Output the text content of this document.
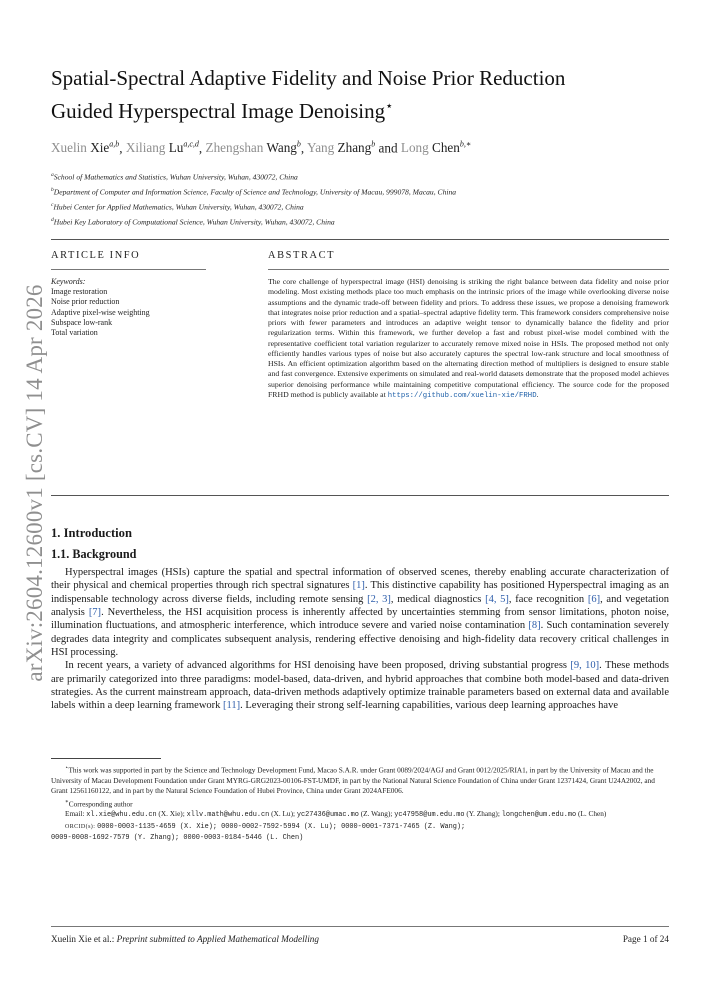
arXiv:2604.12600v1 [cs.CV] 14 Apr 2026
Spatial-Spectral Adaptive Fidelity and Noise Prior Reduction
Guided Hyperspectral Image Denoising⋆
Xuelin Xie$^{a,b}$, Xiliang Lu$^{a,c,d}$, Zhengshan Wang$^b$, Yang Zhang$^b$ and Long Chen$^{b,∗}$
$^a$School of Mathematics and Statistics, Wuhan University, Wuhan, 430072, China
$^b$Department of Computer and Information Science, Faculty of Science and Technology, University of Macau, 999078, Macau, China
$^c$Hubei Center for Applied Mathematics, Wuhan University, Wuhan, 430072, China
$^d$Hubei Key Laboratory of Computational Science, Wuhan University, Wuhan, 430072, China
ARTICLE INFO	ABSTRACT
Keywords:
Image restoration
Noise prior reduction
Adaptive pixel-wise weighting
Subspace low-rank
Total variation
The core challenge of hyperspectral image (HSI) denoising is striking the right balance between data fidelity and noise prior modeling. Most existing methods place too much emphasis on the intrinsic priors of the image while overlooking diverse noise assumptions and the dynamic trade-off between fidelity and priors. To address these issues, we propose a denoising framework that integrates noise prior reduction and a spatial–spectral adaptive fidelity term. This framework considers comprehensive noise priors with fewer parameters and introduces an adaptive weight tensor to dynamically balance the fidelity and prior regularization terms. Within this framework, we further develop a fast and robust pixel-wise model combined with the representative coefficient total variation regularizer to accurately remove mixed noise in HSIs. The proposed method not only efficiently handles various types of noise but also accurately captures the spectral low-rank structure and local smoothness of HSIs. An efficient optimization algorithm based on the alternating direction method of multipliers is designed to ensure stable and fast convergence. Extensive experiments on simulated and real-world datasets demonstrate that the proposed model achieves superior denoising performance while maintaining competitive computational efficiency. The source code for the proposed FRHD method is publicly available at https://github.com/xuelin-xie/FRHD.
1. Introduction
1.1. Background

Hyperspectral images (HSIs) capture the spatial and spectral information of observed scenes, thereby enabling accurate characterization of their physical and chemical properties through rich spectral signatures [1]. This distinctive capability has positioned Hyperspectral imaging as an indispensable technology across diverse fields, including remote sensing [2, 3], medical diagnostics [4, 5], face recognition [6], and vegetation analysis [7]. Nevertheless, the HSI acquisition process is inherently affected by uncertainties stemming from sensor limitations, photon noise, illumination fluctuations, and atmospheric interference, which introduce severe and varied noise contamination [8]. Such contamination severely degrades data integrity and complicates subsequent analysis, rendering effective denoising and high-fidelity data recovery critical challenges in HSI processing.

In recent years, a variety of advanced algorithms for HSI denoising have been proposed, driving substantial progress [9, 10]. These methods are primarily categorized into three paradigms: model-based, data-driven, and hybrid approaches that combine both model-based and data-driven strategies. As the current mainstream approach, data-driven methods adaptively optimize trainable parameters based on external data and available labels within a deep learning framework [11]. Leveraging their strong self-learning capabilities, various deep learning approaches have

⋆This work was supported in part by the Science and Technology Development Fund, Macao S.A.R. under Grant 0089/2024/AGJ and Grant 0012/2025/RIA1, in part by the University of Macau and the University of Macau Development Foundation under Grant MYRG-GRG2023-00106-FST-UMDF, in part by the National Natural Science Foundation of China under Grant 12371424, Grant U24A2002, and Grant 12561160122, and in part by the Natural Science Foundation of Hubei Province, China under Grant 2024AFE006.

∗Corresponding author

Email: xl.xie@whu.edu.cn (X. Xie); xllv.math@whu.edu.cn (X. Lu); yc27436@umac.mo (Z. Wang); yc47958@um.edu.mo (Y. Zhang); longchen@um.edu.mo (L. Chen)

ORCID(s): 0000-0003-1135-4659 (X. Xie); 0000-0002-7592-5994 (X. Lu); 0000-0001-7371-7465 (Z. Wang);

0009-0008-1692-7579 (Y. Zhang); 0000-0003-0184-5446 (L. Chen)

Xuelin Xie et al.: Preprint submitted to Applied Mathematical Modelling	Page 1 of 24
